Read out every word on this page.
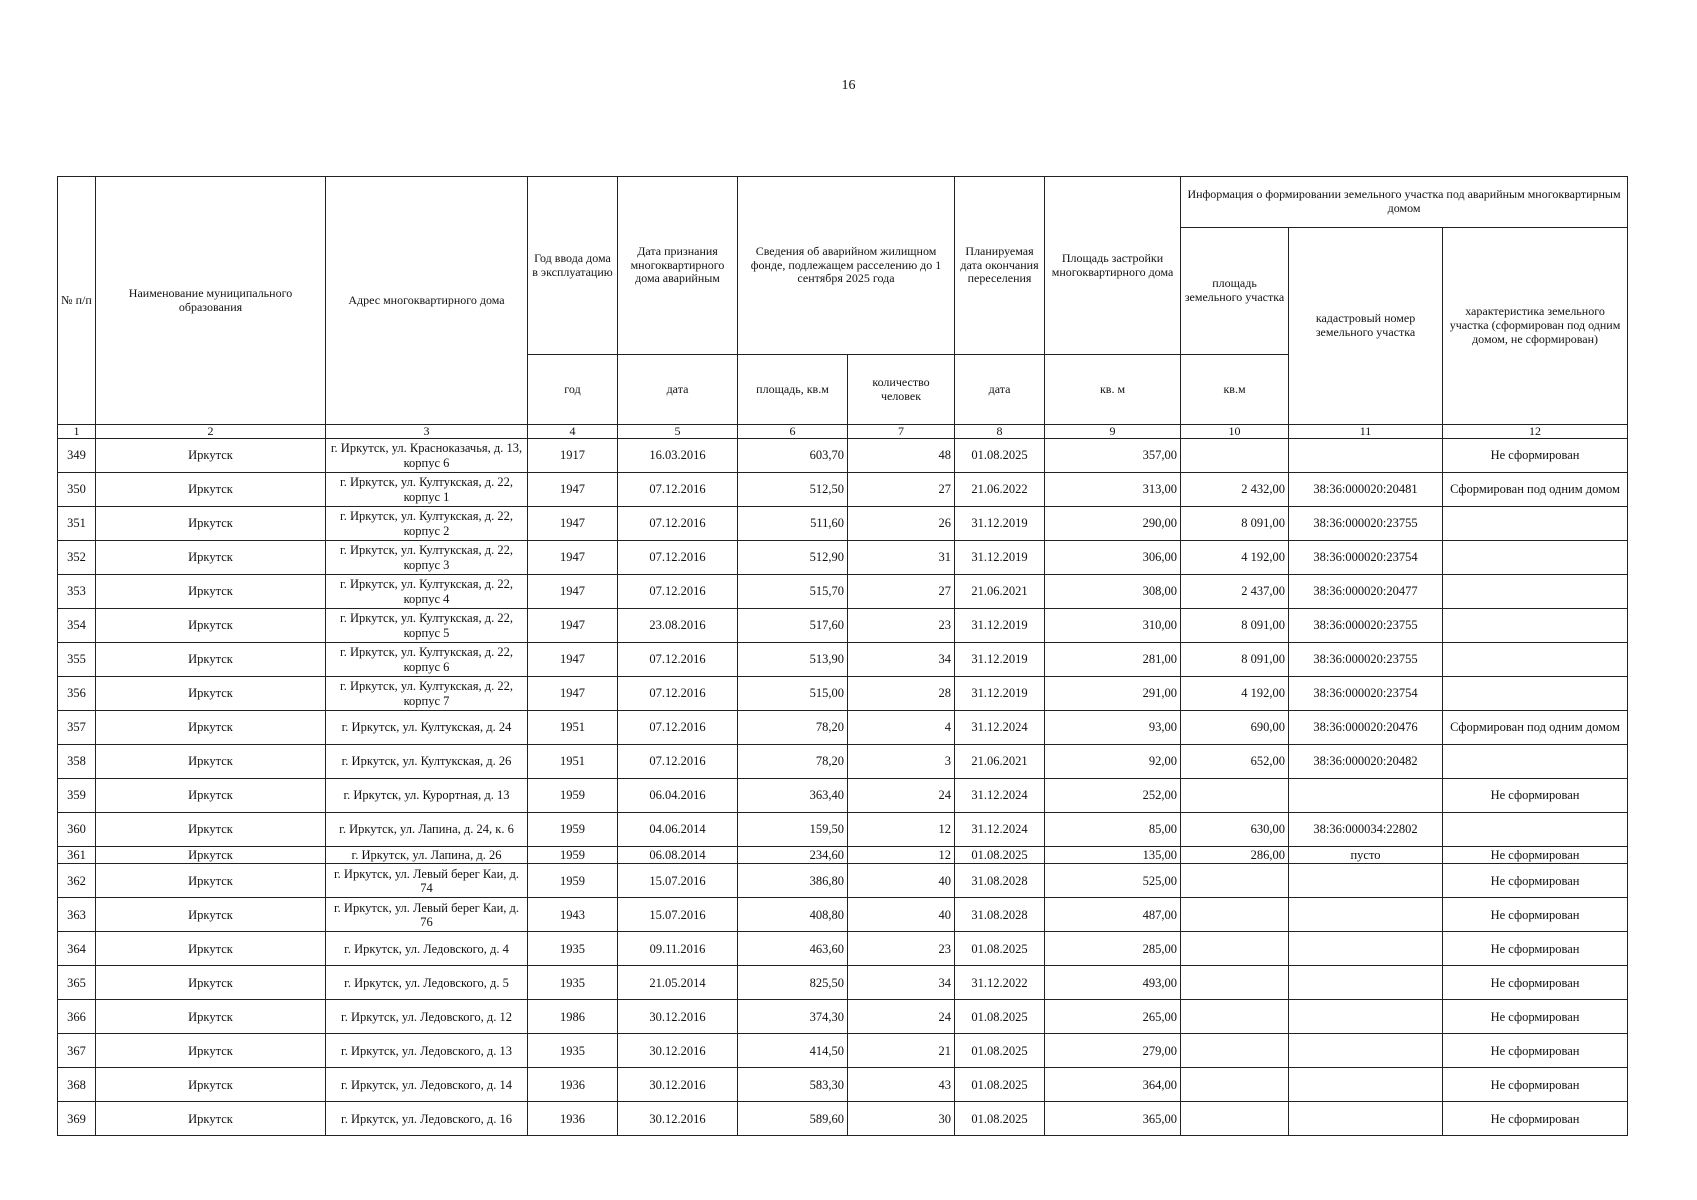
16
№ п/п	Наименование муниципального образования	Адрес многоквартирного дома	Год ввода дома в эксплуатацию	Дата признания многоквартирного дома аварийным	Сведения об аварийном жилищном фонде, подлежащем расселению до 1 сентября 2025 года		Планируемая дата окончания переселения	Площадь застройки многоквартирного дома	Информация о формировании земельного участка под аварийным многоквартирным домом		
									площадь земельного участка	кадастровый номер земельного участка	характеристика земельного участка (сформирован под одним домом, не сформирован)
			год	дата	площадь, кв.м	количество человек	дата	кв. м	кв.м		
1	2	3	4	5	6	7	8	9	10	11	12
349	Иркутск	г. Иркутск, ул. Краснoказачья, д. 13, корпус 6	1917	16.03.2016	603,70	48	01.08.2025	357,00			Не сформирован
350	Иркутск	г. Иркутск, ул. Култукская, д. 22, корпус 1	1947	07.12.2016	512,50	27	21.06.2022	313,00	2 432,00	38:36:000020:20481	Сформирован под одним домом
351	Иркутск	г. Иркутск, ул. Култукская, д. 22, корпус 2	1947	07.12.2016	511,60	26	31.12.2019	290,00	8 091,00	38:36:000020:23755	
352	Иркутск	г. Иркутск, ул. Култукская, д. 22, корпус 3	1947	07.12.2016	512,90	31	31.12.2019	306,00	4 192,00	38:36:000020:23754	
353	Иркутск	г. Иркутск, ул. Култукская, д. 22, корпус 4	1947	07.12.2016	515,70	27	21.06.2021	308,00	2 437,00	38:36:000020:20477	
354	Иркутск	г. Иркутск, ул. Култукская, д. 22, корпус 5	1947	23.08.2016	517,60	23	31.12.2019	310,00	8 091,00	38:36:000020:23755	
355	Иркутск	г. Иркутск, ул. Култукская, д. 22, корпус 6	1947	07.12.2016	513,90	34	31.12.2019	281,00	8 091,00	38:36:000020:23755	
356	Иркутск	г. Иркутск, ул. Култукская, д. 22, корпус 7	1947	07.12.2016	515,00	28	31.12.2019	291,00	4 192,00	38:36:000020:23754	
357	Иркутск	г. Иркутск, ул. Култукская, д. 24	1951	07.12.2016	78,20	4	31.12.2024	93,00	690,00	38:36:000020:20476	Сформирован под одним домом
358	Иркутск	г. Иркутск, ул. Култукская, д. 26	1951	07.12.2016	78,20	3	21.06.2021	92,00	652,00	38:36:000020:20482	
359	Иркутск	г. Иркутск, ул. Курортная, д. 13	1959	06.04.2016	363,40	24	31.12.2024	252,00			Не сформирован
360	Иркутск	г. Иркутск, ул. Лапина, д. 24, к. 6	1959	04.06.2014	159,50	12	31.12.2024	85,00	630,00	38:36:000034:22802	
361	Иркутск	г. Иркутск, ул. Лапина, д. 26	1959	06.08.2014	234,60	12	01.08.2025	135,00	286,00	пусто	Не сформирован
362	Иркутск	г. Иркутск, ул. Левый берег Каи, д. 74	1959	15.07.2016	386,80	40	31.08.2028	525,00			Не сформирован
363	Иркутск	г. Иркутск, ул. Левый берег Каи, д. 76	1943	15.07.2016	408,80	40	31.08.2028	487,00			Не сформирован
364	Иркутск	г. Иркутск, ул. Ледовского, д. 4	1935	09.11.2016	463,60	23	01.08.2025	285,00			Не сформирован
365	Иркутск	г. Иркутск, ул. Ледовского, д. 5	1935	21.05.2014	825,50	34	31.12.2022	493,00			Не сформирован
366	Иркутск	г. Иркутск, ул. Ледовского, д. 12	1986	30.12.2016	374,30	24	01.08.2025	265,00			Не сформирован
367	Иркутск	г. Иркутск, ул. Ледовского, д. 13	1935	30.12.2016	414,50	21	01.08.2025	279,00			Не сформирован
368	Иркутск	г. Иркутск, ул. Ледовского, д. 14	1936	30.12.2016	583,30	43	01.08.2025	364,00			Не сформирован
369	Иркутск	г. Иркутск, ул. Ледовского, д. 16	1936	30.12.2016	589,60	30	01.08.2025	365,00			Не сформирован
